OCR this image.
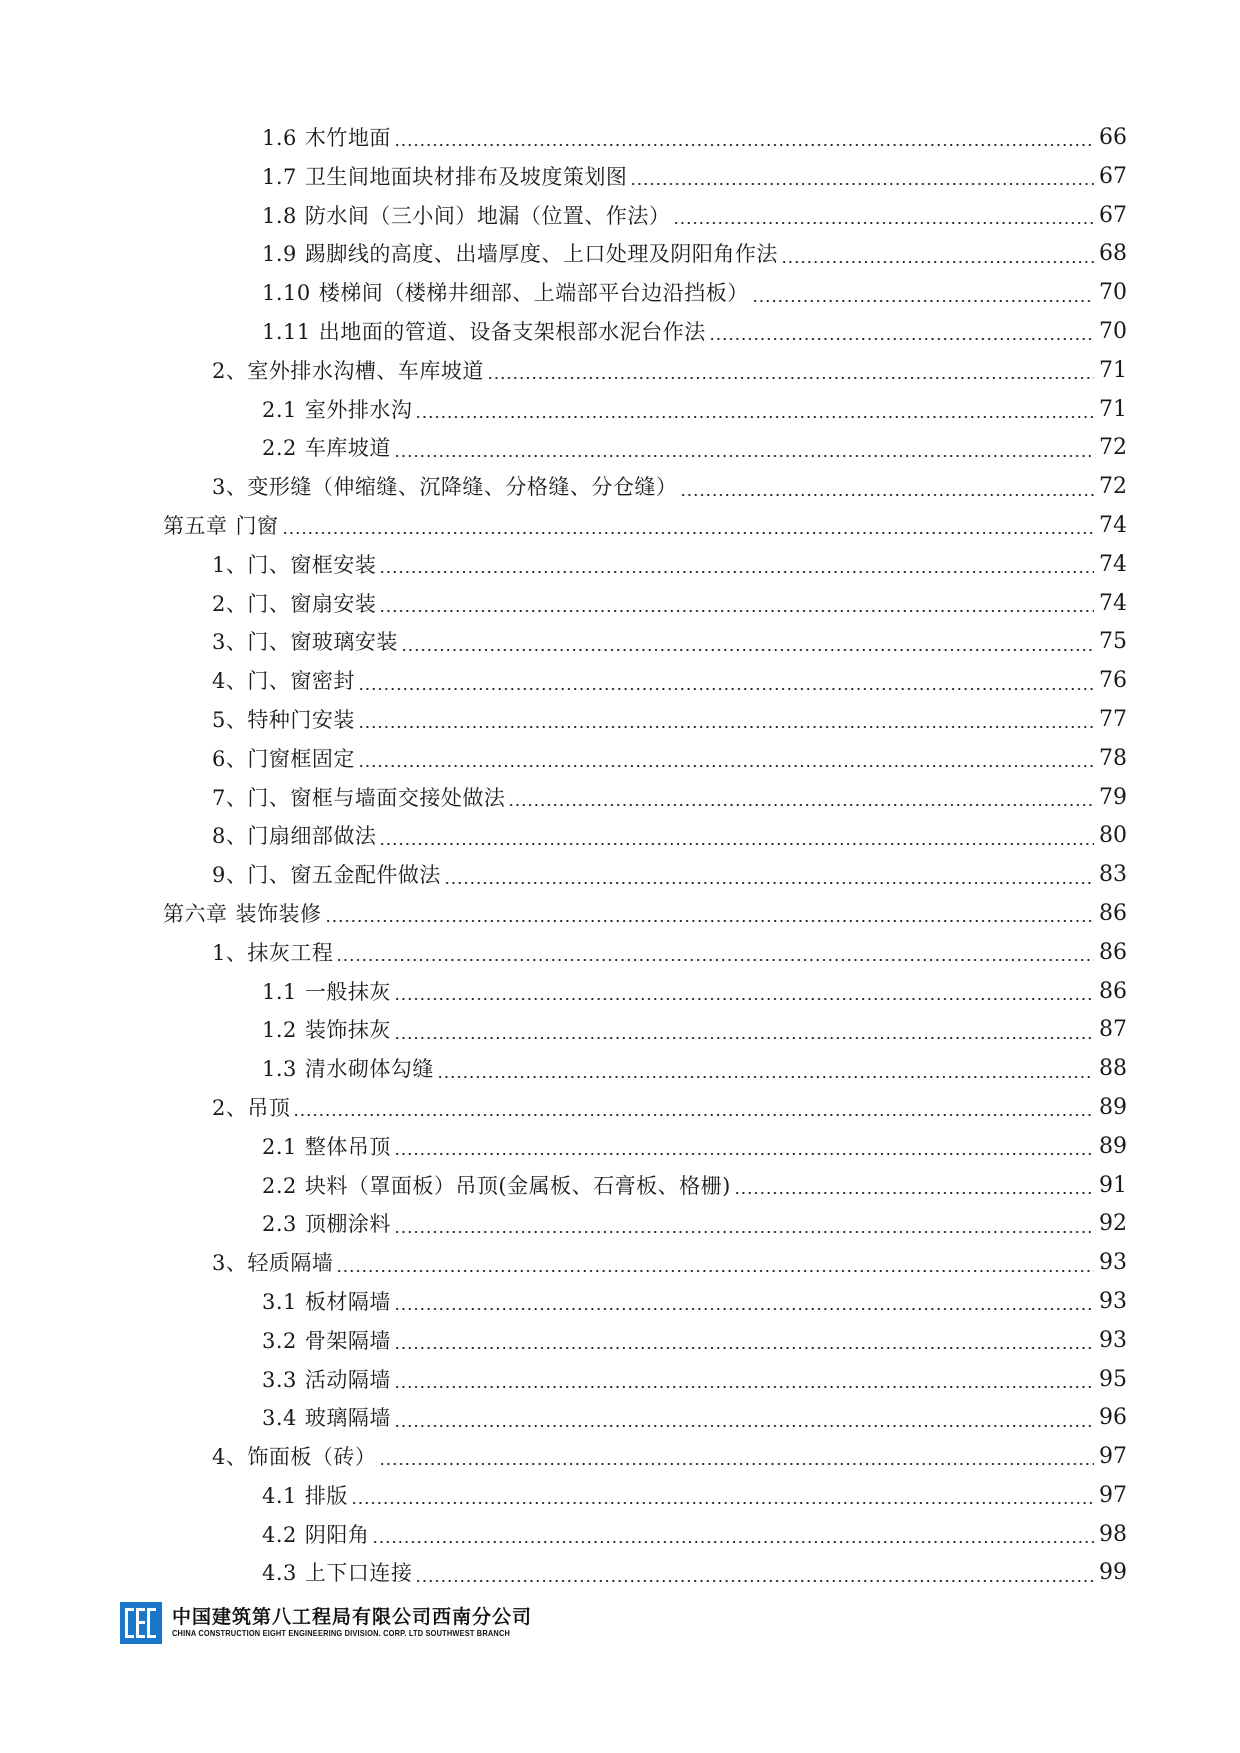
1.6 木竹地面	66
1.7 卫生间地面块材排布及坡度策划图	67
1.8 防水间（三小间）地漏（位置、作法）	67
1.9 踢脚线的高度、出墙厚度、上口处理及阴阳角作法	68
1.10 楼梯间（楼梯井细部、上端部平台边沿挡板）	70
1.11 出地面的管道、设备支架根部水泥台作法	70
2、室外排水沟槽、车库坡道	71
2.1 室外排水沟	71
2.2 车库坡道	72
3、变形缝（伸缩缝、沉降缝、分格缝、分仓缝）	72
第五章 门窗	74
1、门、窗框安装	74
2、门、窗扇安装	74
3、门、窗玻璃安装	75
4、门、窗密封	76
5、特种门安装	77
6、门窗框固定	78
7、门、窗框与墙面交接处做法	79
8、门扇细部做法	80
9、门、窗五金配件做法	83
第六章 装饰装修	86
1、抹灰工程	86
1.1 一般抹灰	86
1.2 装饰抹灰	87
1.3 清水砌体勾缝	88
2、吊顶	89
2.1 整体吊顶	89
2.2 块料（罩面板）吊顶(金属板、石膏板、格栅)	91
2.3 顶棚涂料	92
3、轻质隔墙	93
3.1 板材隔墙	93
3.2 骨架隔墙	93
3.3 活动隔墙	95
3.4 玻璃隔墙	96
4、饰面板（砖）	97
4.1 排版	97
4.2 阴阳角	98
4.3 上下口连接	99
中国建筑第八工程局有限公司西南分公司
CHINA CONSTRUCTION EIGHT ENGINEERING DIVISION. CORP. LTD SOUTHWEST BRANCH
